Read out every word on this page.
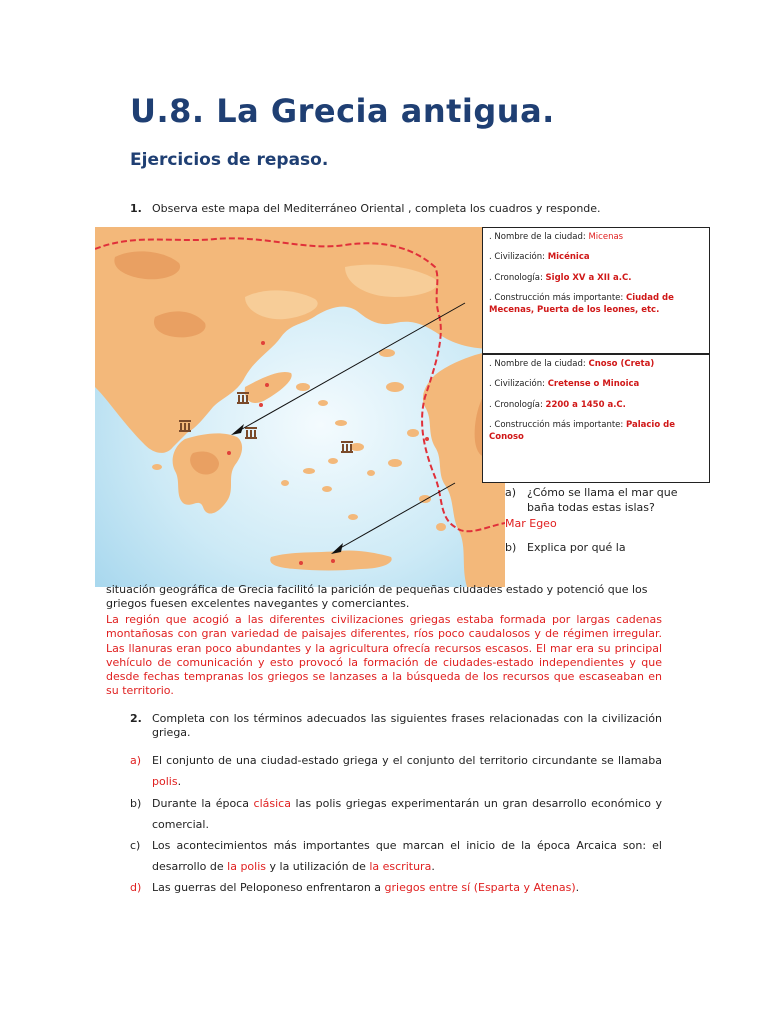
U.8. La Grecia antigua.
Ejercicios de repaso.
1. Observa este mapa del Mediterráneo Oriental , completa los cuadros y responde.

. Nombre de la ciudad: Micenas

. Civilización: Micénica

. Cronología: Siglo XV a XII a.C.

. Construcción más importante: Ciudad de Mecenas, Puerta de los leones, etc.

. Nombre de la ciudad: Cnoso (Creta)

. Civilización: Cretense o Minoica

. Cronología: 2200 a 1450 a.C.

. Construcción más importante: Palacio de Conoso

a) ¿Cómo se llama el mar que baña todas estas islas?
Mar Egeo
b) Explica por qué la
situación geográfica de Grecia facilitó la parición de pequeñas ciudades estado y potenció que los griegos fuesen excelentes navegantes y comerciantes.
La región que acogió a las diferentes civilizaciones griegas estaba formada por largas cadenas montañosas con gran variedad de paisajes diferentes, ríos poco caudalosos y de régimen irregular. Las llanuras eran poco abundantes y la agricultura ofrecía recursos escasos. El mar era su principal vehículo de comunicación y esto provocó la formación de ciudades-estado independientes y que desde fechas tempranas los griegos se lanzases a la búsqueda de los recursos que escaseaban en su territorio.
2. Completa con los términos adecuados las siguientes frases relacionadas con la civilización griega.
a) El conjunto de una ciudad-estado griega y el conjunto del territorio circundante se llamaba polis.
b) Durante la época clásica las polis griegas experimentarán un gran desarrollo económico y comercial.
c)	Los acontecimientos más importantes que marcan el inicio de la época Arcaica son: el desarrollo de la polis y la utilización de la escritura.
d) Las guerras del Peloponeso enfrentaron a griegos entre sí (Esparta y Atenas).
